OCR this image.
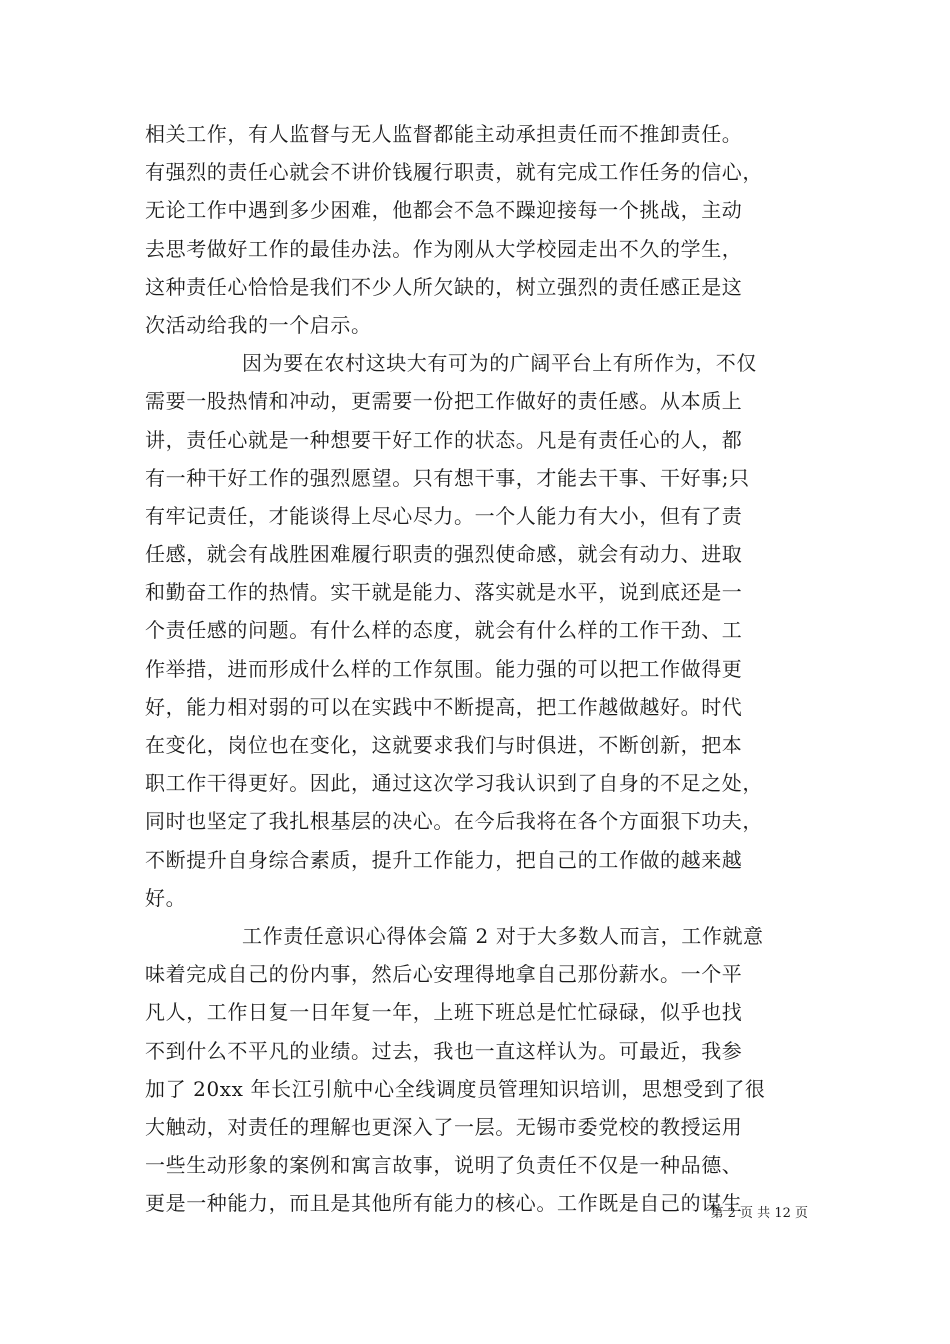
相关工作，有人监督与无人监督都能主动承担责任而不推卸责任。
有强烈的责任心就会不讲价钱履行职责，就有完成工作任务的信心，
无论工作中遇到多少困难，他都会不急不躁迎接每一个挑战，主动
去思考做好工作的最佳办法。作为刚从大学校园走出不久的学生，
这种责任心恰恰是我们不少人所欠缺的，树立强烈的责任感正是这
次活动给我的一个启示。
因为要在农村这块大有可为的广阔平台上有所作为，不仅
需要一股热情和冲动，更需要一份把工作做好的责任感。从本质上
讲，责任心就是一种想要干好工作的状态。凡是有责任心的人，都
有一种干好工作的强烈愿望。只有想干事，才能去干事、干好事;只
有牢记责任，才能谈得上尽心尽力。一个人能力有大小，但有了责
任感，就会有战胜困难履行职责的强烈使命感，就会有动力、进取
和勤奋工作的热情。实干就是能力、落实就是水平，说到底还是一
个责任感的问题。有什么样的态度，就会有什么样的工作干劲、工
作举措，进而形成什么样的工作氛围。能力强的可以把工作做得更
好，能力相对弱的可以在实践中不断提高，把工作越做越好。时代
在变化，岗位也在变化，这就要求我们与时俱进，不断创新，把本
职工作干得更好。因此，通过这次学习我认识到了自身的不足之处，
同时也坚定了我扎根基层的决心。在今后我将在各个方面狠下功夫，
不断提升自身综合素质，提升工作能力，把自己的工作做的越来越
好。
工作责任意识心得体会篇 2 对于大多数人而言，工作就意
味着完成自己的份内事，然后心安理得地拿自己那份薪水。一个平
凡人，工作日复一日年复一年，上班下班总是忙忙碌碌，似乎也找
不到什么不平凡的业绩。过去，我也一直这样认为。可最近，我参
加了 20xx 年长江引航中心全线调度员管理知识培训，思想受到了很
大触动，对责任的理解也更深入了一层。无锡市委党校的教授运用
一些生动形象的案例和寓言故事，说明了负责任不仅是一种品德、
更是一种能力，而且是其他所有能力的核心。工作既是自己的谋生
第 2 页 共 12 页
